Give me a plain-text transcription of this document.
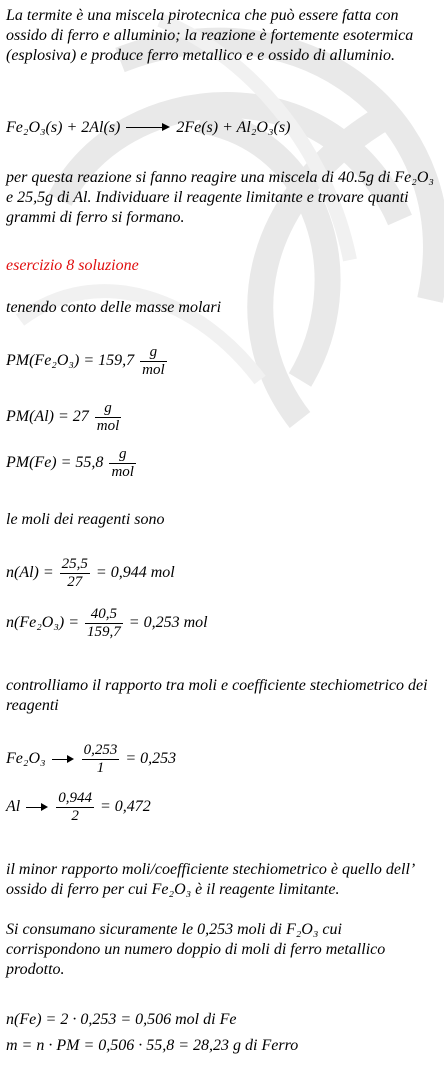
La termite è una miscela pirotecnica che può essere fatta con ossido di ferro e alluminio; la reazione è fortemente esotermica (esplosiva) e produce ferro metallico e e ossido di alluminio.
Fe₂O₃(s) + 2Al(s)	2Fe(s) + Al₂O₃(s)
per questa reazione si fanno reagire una miscela di 40.5g di Fe₂O₃ e 25,5g di Al. Individuare il reagente limitante e trovare quanti grammi di ferro si formano.
esercizio 8 soluzione
tenendo conto delle masse molari
$PM(Fe_2O_3) = 159,7 \frac{g}{\text{mol}}$
$PM(Al) = 27 \frac{g}{\text{mol}}$
$PM(Fe) = 55,8 \frac{g}{\text{mol}}$
le moli dei reagenti sono
$n(Al) = \frac{25,5}{27} = 0,944$ mol
$n(Fe_2O_3) = \frac{40,5}{159,7} = 0,253$ mol
controlliamo il rapporto tra moli e coefficiente stechiometrico dei reagenti
$Fe_2O_3 \frac{0,253}{1} = 0,253$
Al $\frac{0,944}{2} = 0,472$
il minor rapporto moli/coefficiente stechiometrico è quello dell’ ossido di ferro per cui Fe₂O₃ è il reagente limitante.
Si consumano sicuramente le 0,253 moli di F₂O₃ cui corrispondono un numero doppio di moli di ferro metallico prodotto.
n(Fe) = 2 · 0,253 = 0,506 mol di Fe
m = n · PM = 0,506 · 55,8 = 28,23 g di Ferro
